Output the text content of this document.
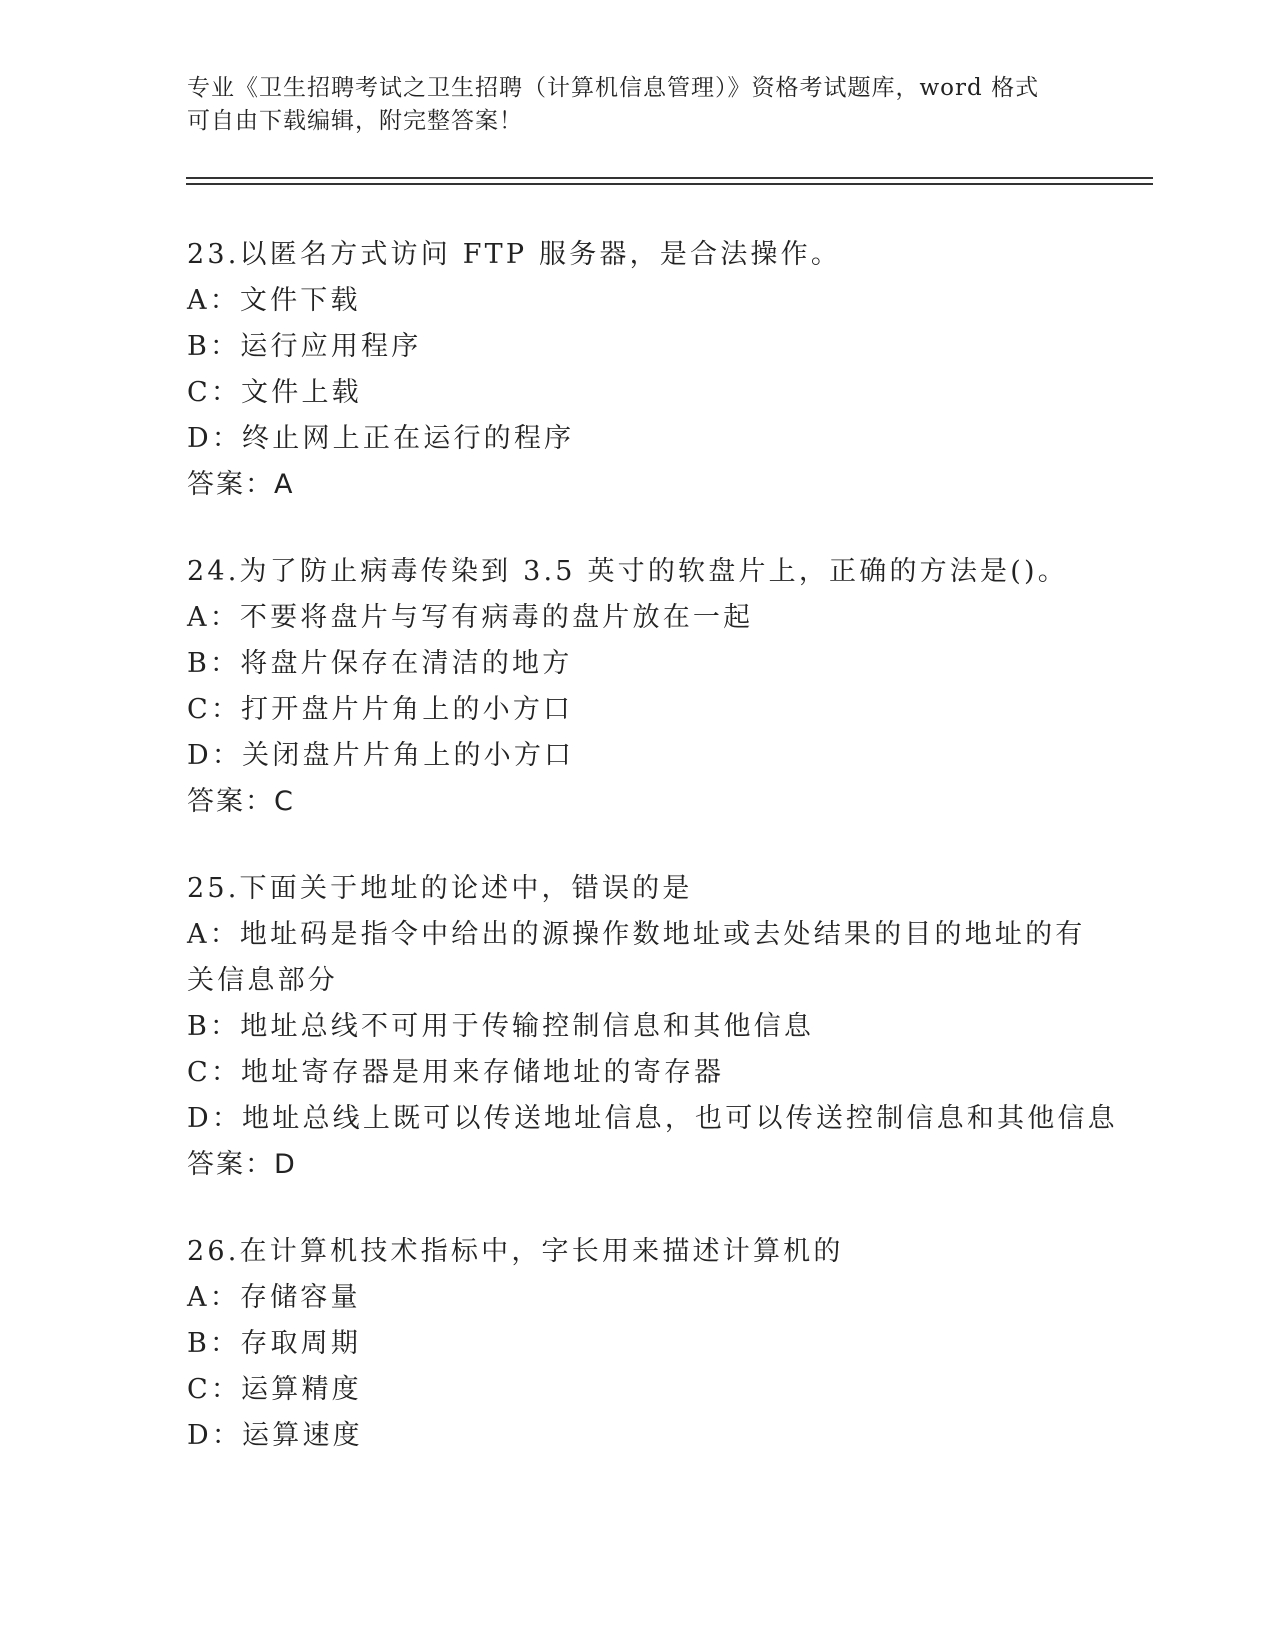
专业《卫生招聘考试之卫生招聘（计算机信息管理）》资格考试题库，word 格式
可自由下载编辑，附完整答案！
23.以匿名方式访问 FTP 服务器，是合法操作。
A：文件下载
B：运行应用程序
C：文件上载
D：终止网上正在运行的程序
答案：A
24.为了防止病毒传染到 3.5 英寸的软盘片上，正确的方法是()。
A：不要将盘片与写有病毒的盘片放在一起
B：将盘片保存在清洁的地方
C：打开盘片片角上的小方口
D：关闭盘片片角上的小方口
答案：C
25.下面关于地址的论述中，错误的是
A：地址码是指令中给出的源操作数地址或去处结果的目的地址的有关信息部分
B：地址总线不可用于传输控制信息和其他信息
C：地址寄存器是用来存储地址的寄存器
D：地址总线上既可以传送地址信息，也可以传送控制信息和其他信息
答案：D
26.在计算机技术指标中，字长用来描述计算机的
A：存储容量
B：存取周期
C：运算精度
D：运算速度
